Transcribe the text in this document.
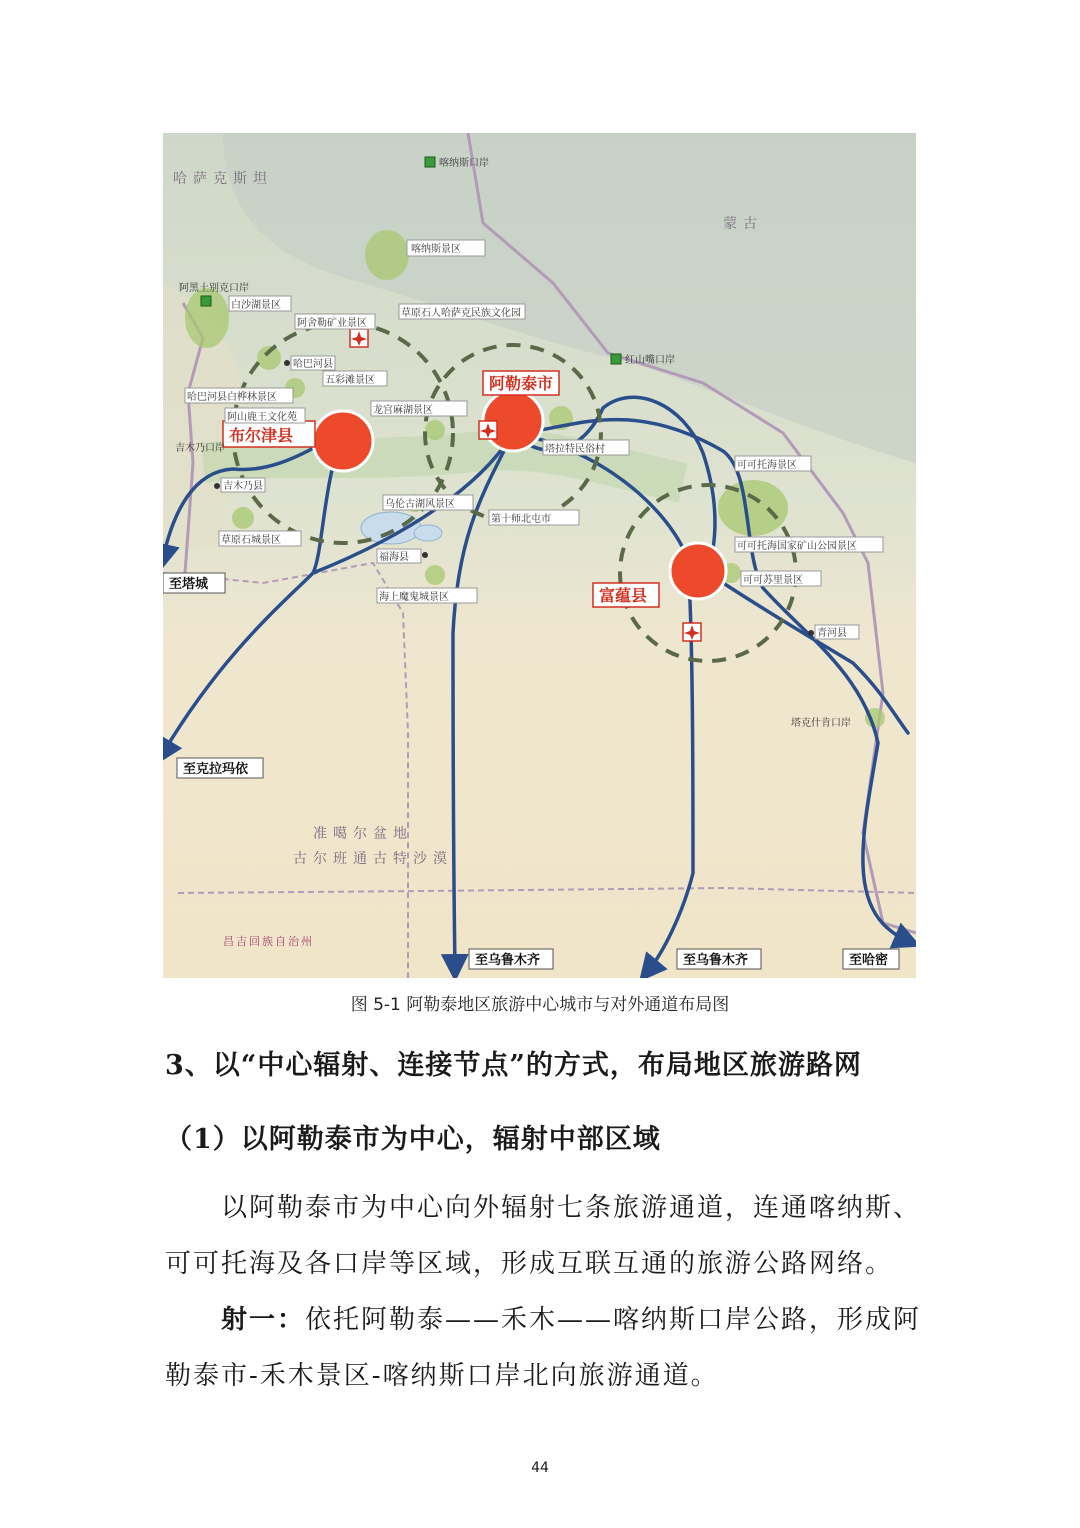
哈萨克斯坦
蒙古
准噶尔盆地
古尔班通古特沙漠
昌吉回族自治州
布尔津县
阿勒泰市
富蕴县
喀纳斯口岸
阿黑土别克口岸
红山嘴口岸
吉木乃口岸
塔克什肯口岸
喀纳斯景区
白沙湖景区
阿舍勒矿业景区
草原石人哈萨克民族文化园
五彩滩景区
哈巴河县白桦林景区
阿山鹿王文化苑
龙宫麻湖景区
塔拉特民俗村
乌伦古湖风景区
草原石城景区
海上魔鬼城景区
可可托海景区
可可托海国家矿山公园景区
可可苏里景区
第十师北屯市
哈巴河县
吉木乃县
福海县
青河县
至塔城
至克拉玛依
至乌鲁木齐	至乌鲁木齐	至哈密
图 5-1 阿勒泰地区旅游中心城市与对外通道布局图
3、以“中心辐射、连接节点”的方式，布局地区旅游路网
（1）以阿勒泰市为中心，辐射中部区域
以阿勒泰市为中心向外辐射七条旅游通道，连通喀纳斯、可可托海及各口岸等区域，形成互联互通的旅游公路网络。
射一：依托阿勒泰——禾木——喀纳斯口岸公路，形成阿勒泰市-禾木景区-喀纳斯口岸北向旅游通道。
44
